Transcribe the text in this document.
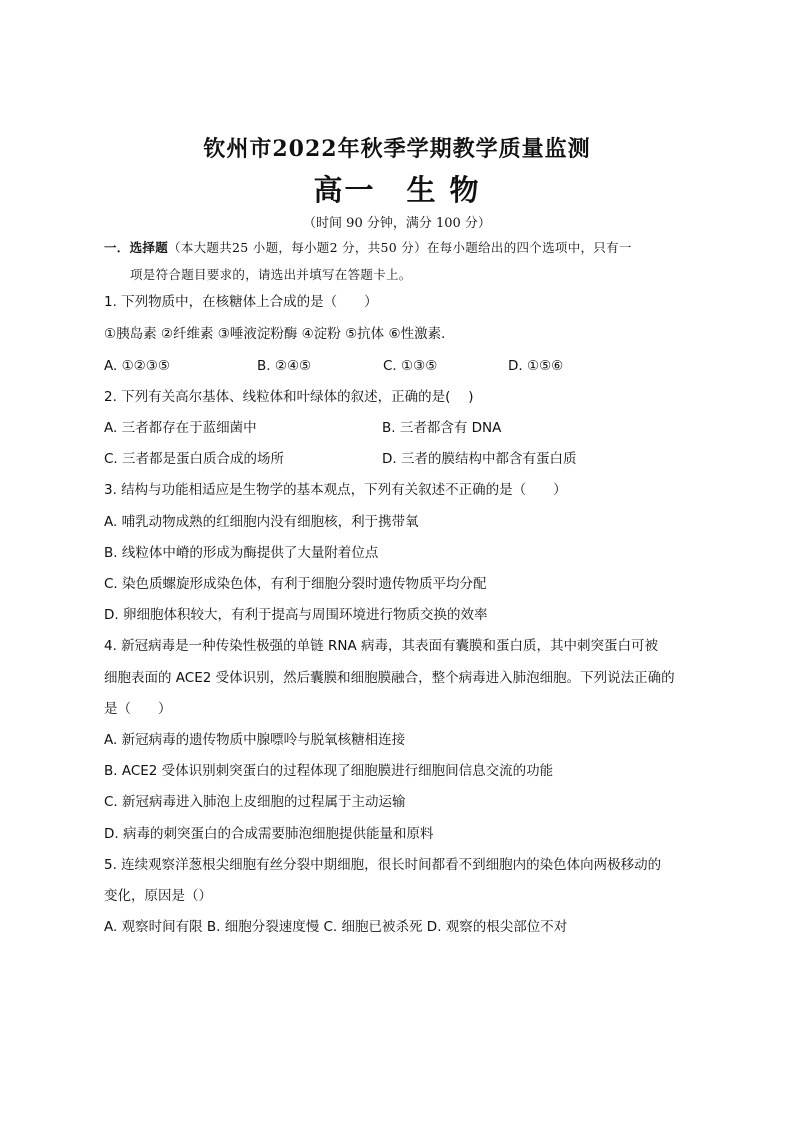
钦州市2022年秋季学期教学质量监测
高一　生 物
（时间 90 分钟，满分 100 分）
一．选择题（本大题共25 小题，每小题2 分，共50 分）在每小题给出的四个选项中，只有一
项是符合题目要求的，请选出并填写在答题卡上。
1. 下列物质中，在核糖体上合成的是（　　）
①胰岛素 ②纤维素 ③唾液淀粉酶 ④淀粉 ⑤抗体 ⑥性激素．
A. ①②③⑤	B. ②④⑤	C. ①③⑤	D. ①⑤⑥
2. 下列有关高尔基体、线粒体和叶绿体的叙述，正确的是(　 )
A. 三者都存在于蓝细菌中	B. 三者都含有 DNA
C. 三者都是蛋白质合成的场所	D. 三者的膜结构中都含有蛋白质
3. 结构与功能相适应是生物学的基本观点，下列有关叙述不正确的是（　　）
A. 哺乳动物成熟的红细胞内没有细胞核，利于携带氧
B. 线粒体中嵴的形成为酶提供了大量附着位点
C. 染色质螺旋形成染色体，有利于细胞分裂时遗传物质平均分配
D. 卵细胞体积较大，有利于提高与周围环境进行物质交换的效率
4. 新冠病毒是一种传染性极强的单链 RNA 病毒，其表面有囊膜和蛋白质，其中刺突蛋白可被
细胞表面的 ACE2 受体识别，然后囊膜和细胞膜融合，整个病毒进入肺泡细胞。下列说法正确的
是（　　）
A. 新冠病毒的遗传物质中腺嘌呤与脱氧核糖相连接
B. ACE2 受体识别刺突蛋白的过程体现了细胞膜进行细胞间信息交流的功能
C. 新冠病毒进入肺泡上皮细胞的过程属于主动运输
D. 病毒的刺突蛋白的合成需要肺泡细胞提供能量和原料
5. 连续观察洋葱根尖细胞有丝分裂中期细胞，很长时间都看不到细胞内的染色体向两极移动的
变化，原因是（）
A. 观察时间有限 B. 细胞分裂速度慢 C. 细胞已被杀死 D. 观察的根尖部位不对
